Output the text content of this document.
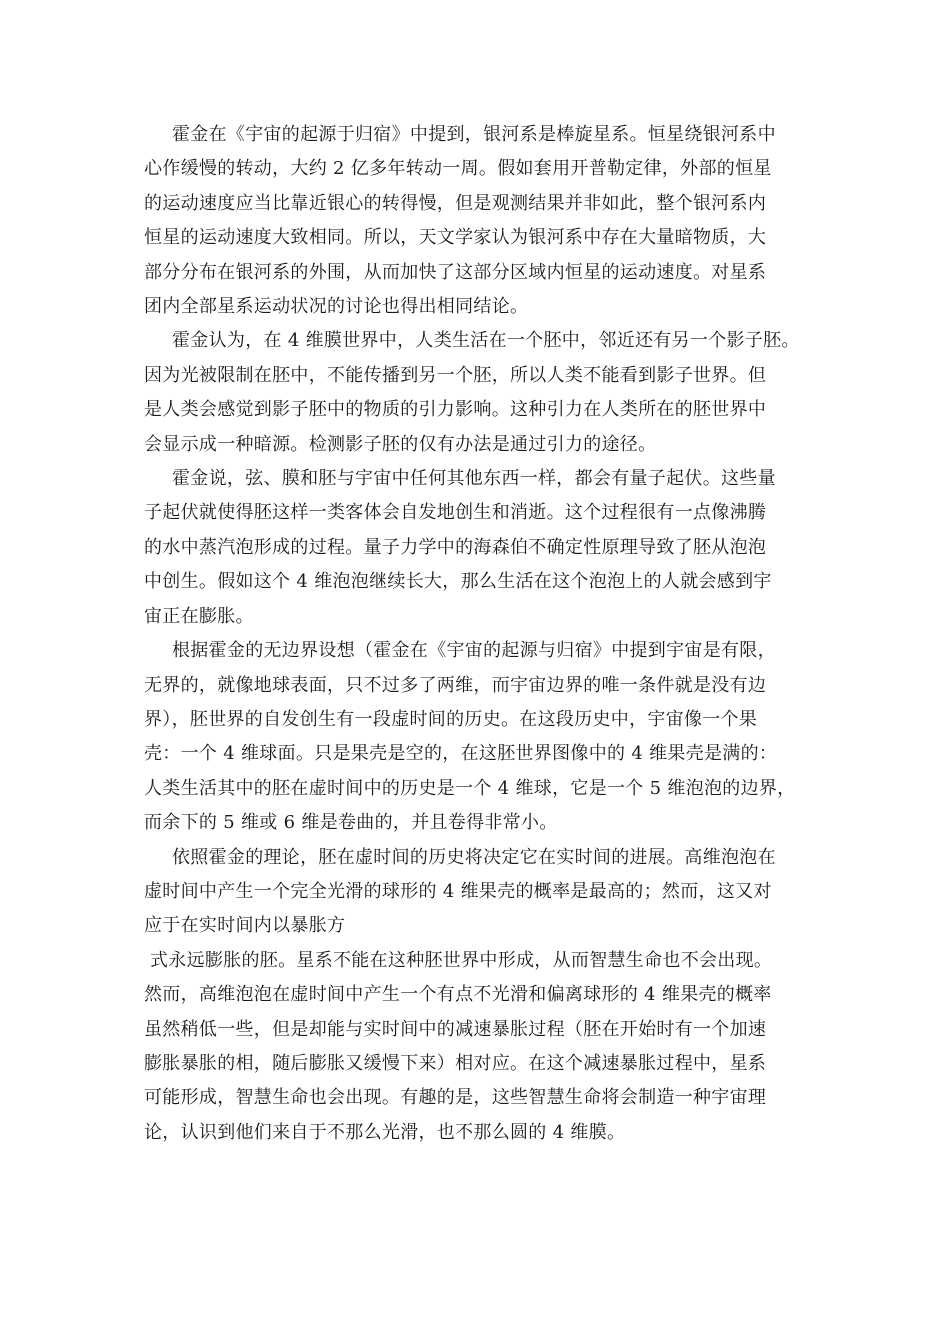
霍金在《宇宙的起源于归宿》中提到，银河系是棒旋星系。恒星绕银河系中
心作缓慢的转动，大约 2 亿多年转动一周。假如套用开普勒定律，外部的恒星
的运动速度应当比靠近银心的转得慢，但是观测结果并非如此，整个银河系内
恒星的运动速度大致相同。所以，天文学家认为银河系中存在大量暗物质，大
部分分布在银河系的外围，从而加快了这部分区域内恒星的运动速度。对星系
团内全部星系运动状况的讨论也得出相同结论。

霍金认为，在 4 维膜世界中，人类生活在一个胚中，邻近还有另一个影子胚。
因为光被限制在胚中，不能传播到另一个胚，所以人类不能看到影子世界。但
是人类会感觉到影子胚中的物质的引力影响。这种引力在人类所在的胚世界中
会显示成一种暗源。检测影子胚的仅有办法是通过引力的途径。

霍金说，弦、膜和胚与宇宙中任何其他东西一样，都会有量子起伏。这些量
子起伏就使得胚这样一类客体会自发地创生和消逝。这个过程很有一点像沸腾
的水中蒸汽泡形成的过程。量子力学中的海森伯不确定性原理导致了胚从泡泡
中创生。假如这个 4 维泡泡继续长大，那么生活在这个泡泡上的人就会感到宇
宙正在膨胀。

根据霍金的无边界设想（霍金在《宇宙的起源与归宿》中提到宇宙是有限，
无界的，就像地球表面，只不过多了两维，而宇宙边界的唯一条件就是没有边
界），胚世界的自发创生有一段虚时间的历史。在这段历史中，宇宙像一个果
壳：一个 4 维球面。只是果壳是空的，在这胚世界图像中的 4 维果壳是满的：
人类生活其中的胚在虚时间中的历史是一个 4 维球，它是一个 5 维泡泡的边界，
而余下的 5 维或 6 维是卷曲的，并且卷得非常小。

依照霍金的理论，胚在虚时间的历史将决定它在实时间的进展。高维泡泡在
虚时间中产生一个完全光滑的球形的 4 维果壳的概率是最高的；然而，这又对
应于在实时间内以暴胀方

式永远膨胀的胚。星系不能在这种胚世界中形成，从而智慧生命也不会出现。
然而，高维泡泡在虚时间中产生一个有点不光滑和偏离球形的 4 维果壳的概率
虽然稍低一些，但是却能与实时间中的减速暴胀过程（胚在开始时有一个加速
膨胀暴胀的相，随后膨胀又缓慢下来）相对应。在这个减速暴胀过程中，星系
可能形成，智慧生命也会出现。有趣的是，这些智慧生命将会制造一种宇宙理
论，认识到他们来自于不那么光滑，也不那么圆的 4 维膜。
